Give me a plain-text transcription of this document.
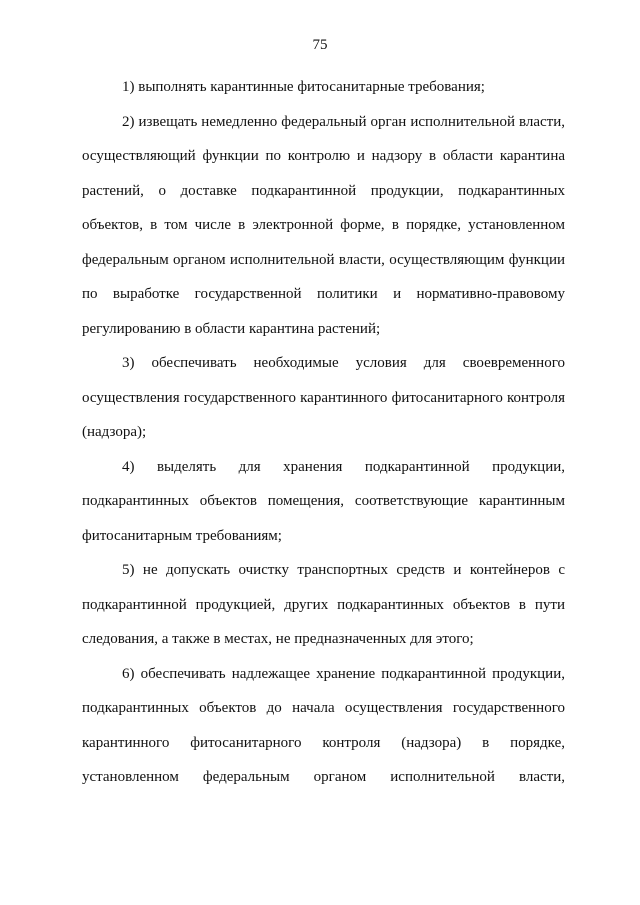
75

1) выполнять карантинные фитосанитарные требования;

2) извещать немедленно федеральный орган исполнительной власти, осуществляющий функции по контролю и надзору в области карантина растений, о доставке подкарантинной продукции, подкарантинных объектов, в том числе в электронной форме, в порядке, установленном федеральным органом исполнительной власти, осуществляющим функции по выработке государственной политики и нормативно-правовому регулированию в области карантина растений;

3) обеспечивать необходимые условия для своевременного осуществления государственного карантинного фитосанитарного контроля (надзора);

4) выделять для хранения подкарантинной продукции, подкарантинных объектов помещения, соответствующие карантинным фитосанитарным требованиям;

5) не допускать очистку транспортных средств и контейнеров с подкарантинной продукцией, других подкарантинных объектов в пути следования, а также в местах, не предназначенных для этого;

6) обеспечивать надлежащее хранение подкарантинной продукции, подкарантинных объектов до начала осуществления государственного карантинного фитосанитарного контроля (надзора) в порядке, установленном федеральным органом исполнительной власти,
